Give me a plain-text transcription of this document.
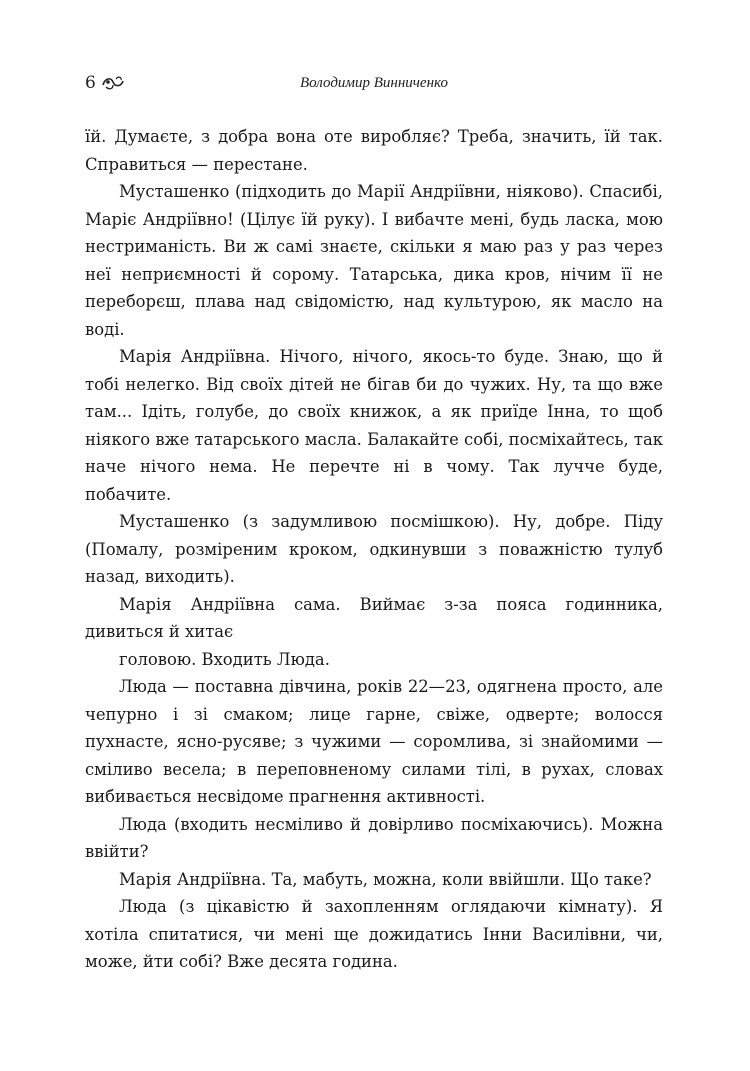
6	Володимир Винниченко

їй. Думаєте, з добра вона оте виробляє? Треба, значить, їй так. Справиться — перестане.

Мусташенко (підходить до Марії Андріївни, ніяково). Спасибі, Маріє Андріївно! (Цілує їй руку). І вибачте мені, будь ласка, мою нестриманість. Ви ж самі знаєте, скільки я маю раз у раз через неї неприємності й сорому. Татарська, дика кров, нічим її не переборєш, плава над свідомістю, над культурою, як масло на воді.

Марія Андріївна. Нічого, нічого, якось-то буде. Знаю, що й тобі нелегко. Від своїх дітей не бігав би до чужих. Ну, та що вже там... Ідіть, голубе, до своїх книжок, а як приїде Інна, то щоб ніякого вже татарського масла. Балакайте собі, посміхайтесь, так наче нічого нема. Не перечте ні в чому. Так лучче буде, побачите.

Мусташенко (з задумливою посмішкою). Ну, добре. Піду (Помалу, розміреним кроком, одкинувши з поважністю тулуб назад, виходить).

Марія Андріївна сама. Виймає з-за пояса годинника, дивиться й хитає

головою. Входить Люда.

Люда — поставна дівчина, років 22—23, одягнена просто, але чепурно і зі смаком; лице гарне, свіже, одверте; волосся пухнасте, ясно-русяве; з чужими — соромлива, зі знайомими — сміливо весела; в переповненому силами тілі, в рухах, словах вибивається несвідоме прагнення активності.

Люда (входить несміливо й довірливо посміхаючись). Можна ввійти?

Марія Андріївна. Та, мабуть, можна, коли ввійшли. Що таке?

Люда (з цікавістю й захопленням оглядаючи кімнату). Я хотіла спитатися, чи мені ще дожидатись Інни Василівни, чи, може, йти собі? Вже десята година.
